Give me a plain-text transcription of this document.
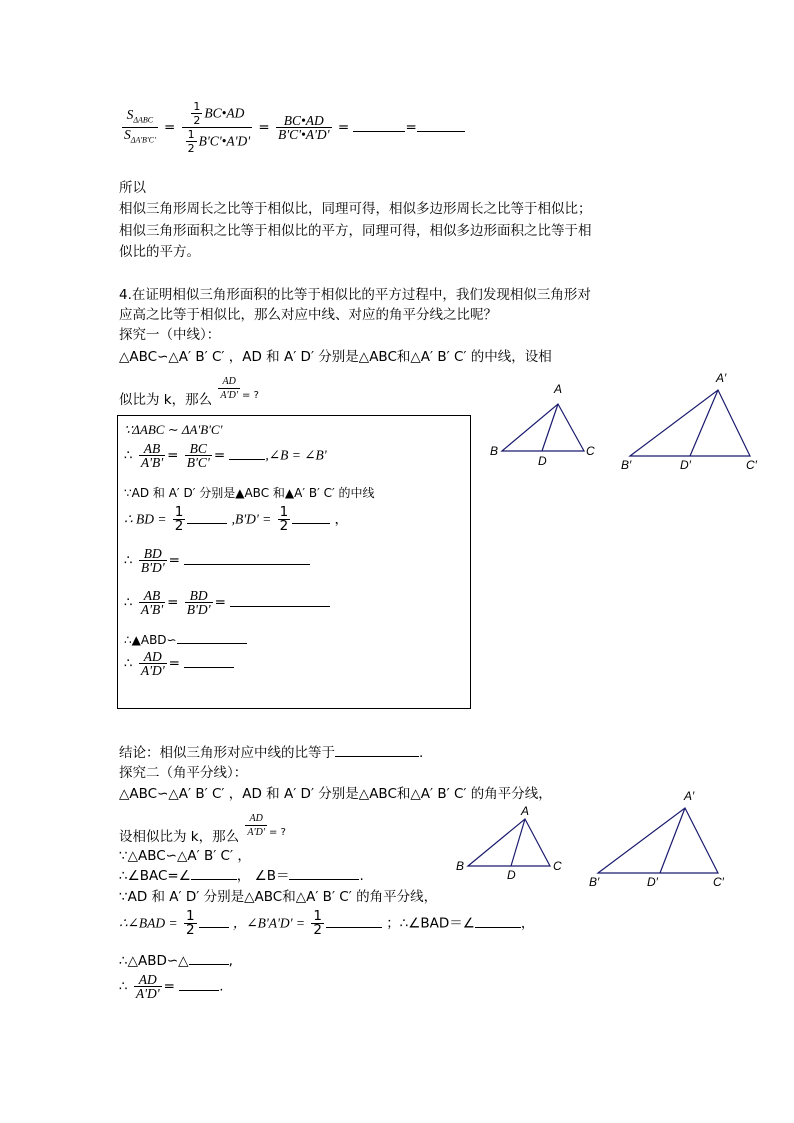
$\frac{S_{\Delta ABC}}{S_{\Delta A'B'C'}} = \frac{\frac{1}{2} BC•AD}{\frac{1}{2} B'C'•A'D'} = \frac{BC•AD}{B'C'•A'D'}$ =	=
所以
相似三角形周长之比等于相似比，同理可得，相似多边形周长之比等于相似比；
相似三角形面积之比等于相似比的平方，同理可得，相似多边形面积之比等于相
似比的平方。
4.在证明相似三角形面积的比等于相似比的平方过程中，我们发现相似三角形对
应高之比等于相似比，那么对应中线、对应的角平分线之比呢？
探究一（中线）：
△ABC∽△A′ B′ C′ ，AD 和 A′ D′ 分别是△ABC和△A′ B′ C′ 的中线，设相
似比为 k，那么 $\frac{AD}{A'D'} ^{= ?}$	A
B	C
D
A′
B′	C′
D′
∵ΔABC ∼ ΔA'B'C'
∴ $\frac{AB}{A'B'} = \frac{BC}{B'C'}$ =	,∠B = ∠B'
∵AD 和 A′ D′ 分别是▲ABC 和▲A′ B′ C′ 的中线
∴ BD = $\frac{1}{2}$	$,B'D' = \frac{1}{2}$	，
∴ $\frac{BD}{B'D'}$ =
∴ $\frac{AB}{A'B'} = \frac{BD}{B'D'}$ =
∴▲ABD∽
∴ $\frac{AD}{A'D'}$ =
结论：相似三角形对应中线的比等于	.
探究二（角平分线）：
△ABC∽△A′ B′ C′ ，AD 和 A′ D′ 分别是△ABC和△A′ B′ C′ 的角平分线，
设相似比为 k，那么 $\frac{AD}{A'D'} ^{= ?}$
∵△ABC∽△A′ B′ C′ ，
∴∠BAC=∠	， ∠B＝	.
∵AD 和 A′ D′ 分别是△ABC和△A′ B′ C′ 的角平分线，
∴∠BAD = $\frac{1}{2}$	，∠B'A'D' = $\frac{1}{2}$	；∴∠BAD＝∠	，
∴△ABD∽△	,
∴ $\frac{AD}{A'D'}$ =	.
A
B	C
D
A′
B′	C′
D′
